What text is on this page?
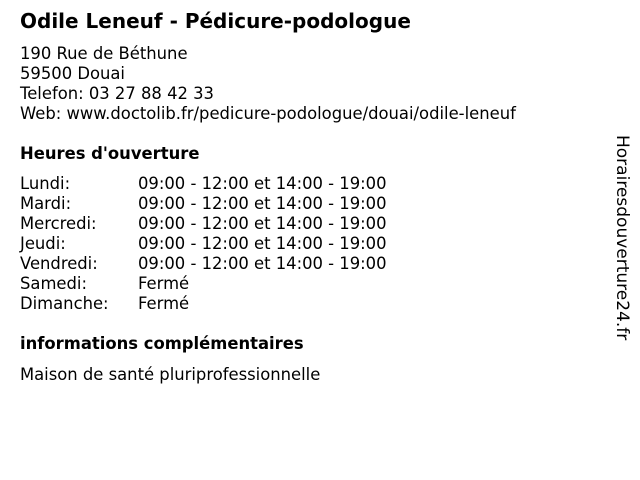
Odile Leneuf - Pédicure-podologue
190 Rue de Béthune
59500 Douai
Telefon: 03 27 88 42 33
Web: www.doctolib.fr/pedicure-podologue/douai/odile-leneuf
Heures d'ouverture
Lundi:	09:00 - 12:00 et 14:00 - 19:00
Mardi:	09:00 - 12:00 et 14:00 - 19:00
Mercredi:	09:00 - 12:00 et 14:00 - 19:00
Jeudi:	09:00 - 12:00 et 14:00 - 19:00
Vendredi: 09:00 - 12:00 et 14:00 - 19:00
Samedi:	Fermé
Dimanche: Fermé
informations complémentaires
Maison de santé pluriprofessionnelle
Horairesdouverture24.fr
